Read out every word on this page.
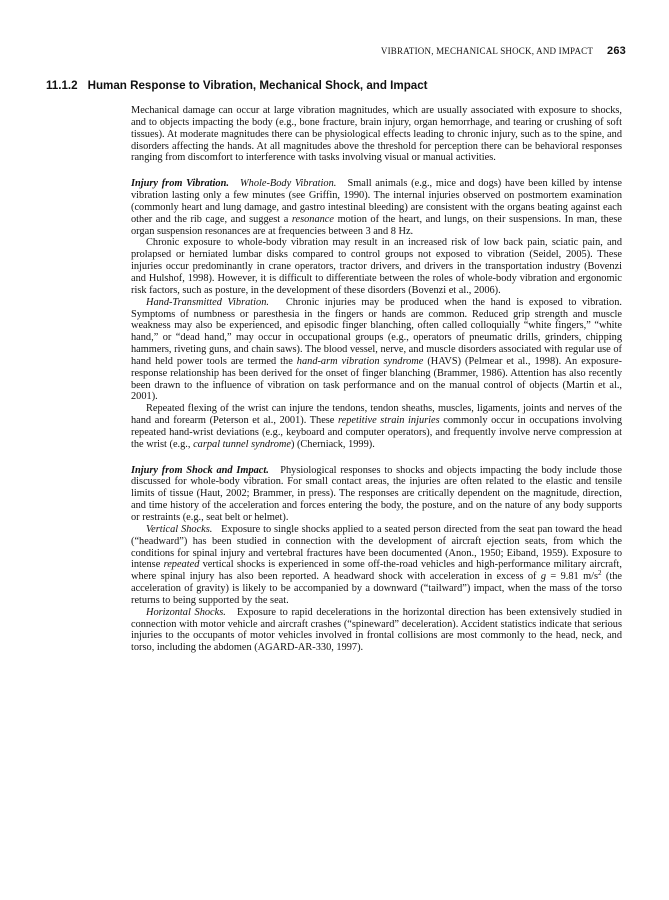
VIBRATION, MECHANICAL SHOCK, AND IMPACT 263
11.1.2 Human Response to Vibration, Mechanical Shock, and Impact

Mechanical damage can occur at large vibration magnitudes, which are usually associated with exposure to shocks, and to objects impacting the body (e.g., bone fracture, brain injury, organ hemorrhage, and tearing or crushing of soft tissues). At moderate magnitudes there can be physiological effects leading to chronic injury, such as to the spine, and disorders affecting the hands. At all magnitudes above the threshold for perception there can be behavioral responses ranging from discomfort to interference with tasks involving visual or manual activities.

Injury from Vibration. Whole-Body Vibration. Small animals (e.g., mice and dogs) have been killed by intense vibration lasting only a few minutes (see Griffin, 1990). The internal injuries observed on postmortem examination (commonly heart and lung damage, and gastro intestinal bleeding) are consistent with the organs beating against each other and the rib cage, and suggest a resonance motion of the heart, and lungs, on their suspensions. In man, these organ suspension resonances are at frequencies between 3 and 8 Hz.

Chronic exposure to whole-body vibration may result in an increased risk of low back pain, sciatic pain, and prolapsed or herniated lumbar disks compared to control groups not exposed to vibration (Seidel, 2005). These injuries occur predominantly in crane operators, tractor drivers, and drivers in the transportation industry (Bovenzi and Hulshof, 1998). However, it is difficult to differentiate between the roles of whole-body vibration and ergonomic risk factors, such as posture, in the development of these disorders (Bovenzi et al., 2006).

Hand-Transmitted Vibration. Chronic injuries may be produced when the hand is exposed to vibration. Symptoms of numbness or paresthesia in the fingers or hands are common. Reduced grip strength and muscle weakness may also be experienced, and episodic finger blanching, often called colloquially “white fingers,” “white hand,” or “dead hand,” may occur in occupational groups (e.g., operators of pneumatic drills, grinders, chipping hammers, riveting guns, and chain saws). The blood vessel, nerve, and muscle disorders associated with regular use of hand held power tools are termed the hand-arm vibration syndrome (HAVS) (Pelmear et al., 1998). An exposure-response relationship has been derived for the onset of finger blanching (Brammer, 1986). Attention has also recently been drawn to the influence of vibration on task performance and on the manual control of objects (Martin et al., 2001).

Repeated flexing of the wrist can injure the tendons, tendon sheaths, muscles, ligaments, joints and nerves of the hand and forearm (Peterson et al., 2001). These repetitive strain injuries commonly occur in occupations involving repeated hand-wrist deviations (e.g., keyboard and computer operators), and frequently involve nerve compression at the wrist (e.g., carpal tunnel syndrome) (Cherniack, 1999).

Injury from Shock and Impact. Physiological responses to shocks and objects impacting the body include those discussed for whole-body vibration. For small contact areas, the injuries are often related to the elastic and tensile limits of tissue (Haut, 2002; Brammer, in press). The responses are critically dependent on the magnitude, direction, and time history of the acceleration and forces entering the body, the posture, and on the nature of any body supports or restraints (e.g., seat belt or helmet).

Vertical Shocks. Exposure to single shocks applied to a seated person directed from the seat pan toward the head (“headward”) has been studied in connection with the development of aircraft ejection seats, from which the conditions for spinal injury and vertebral fractures have been documented (Anon., 1950; Eiband, 1959). Exposure to intense repeated vertical shocks is experienced in some off-the-road vehicles and high-performance military aircraft, where spinal injury has also been reported. A headward shock with acceleration in excess of g = 9.81 $m/s^2$ (the acceleration of gravity) is likely to be accompanied by a downward (“tailward”) impact, when the mass of the torso returns to being supported by the seat.

Horizontal Shocks. Exposure to rapid decelerations in the horizontal direction has been extensively studied in connection with motor vehicle and aircraft crashes (“spineward” deceleration). Accident statistics indicate that serious injuries to the occupants of motor vehicles involved in frontal collisions are most commonly to the head, neck, and torso, including the abdomen (AGARD-AR-330, 1997).
